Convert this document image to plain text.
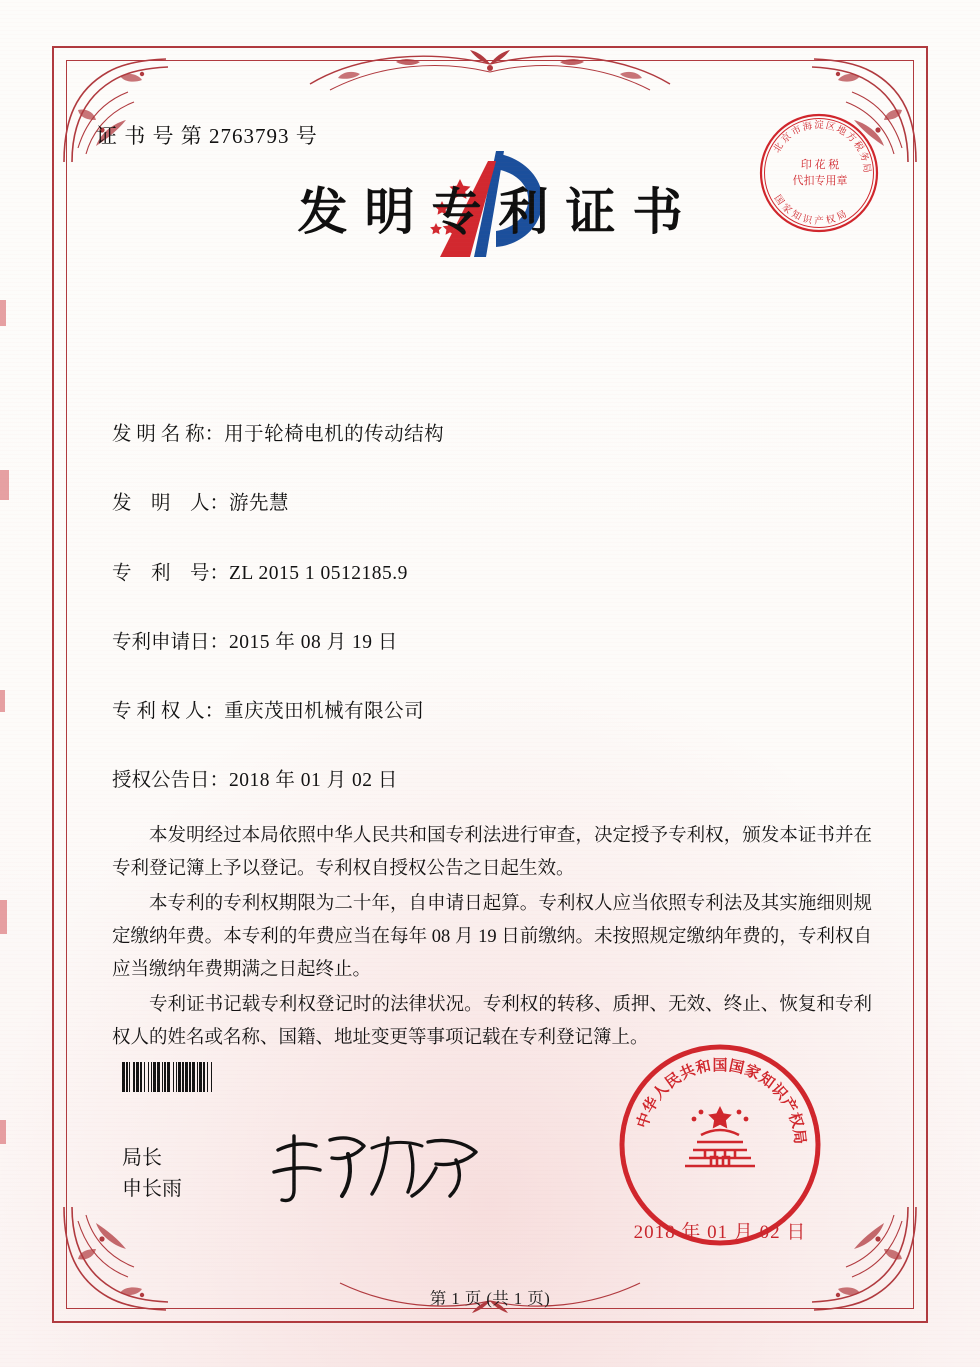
证 书 号 第 2763793 号
北
京
市
海 淀 区
地
方
税
务
局
印 花 税
代扣专用章
国
家
知
识 产 权
局
发明专利证书
发 明 名 称：用于轮椅电机的传动结构
发　明　人：游先慧
专　利　号：ZL 2015 1 0512185.9
专利申请日：2015 年 08 月 19 日
专 利 权 人：重庆茂田机械有限公司
授权公告日：2018 年 01 月 02 日

本发明经过本局依照中华人民共和国专利法进行审查，决定授予专利权，颁发本证书并在专利登记簿上予以登记。专利权自授权公告之日起生效。

本专利的专利权期限为二十年，自申请日起算。专利权人应当依照专利法及其实施细则规定缴纳年费。本专利的年费应当在每年 08 月 19 日前缴纳。未按照规定缴纳年费的，专利权自应当缴纳年费期满之日起终止。

专利证书记载专利权登记时的法律状况。专利权的转移、质押、无效、终止、恢复和专利权人的姓名或名称、国籍、地址变更等事项记载在专利登记簿上。

局长
申长雨
中
华
人
民
共
和 国 国
家
知
识
产
权
局
2018 年 01 月 02 日
第 1 页 (共 1 页)
